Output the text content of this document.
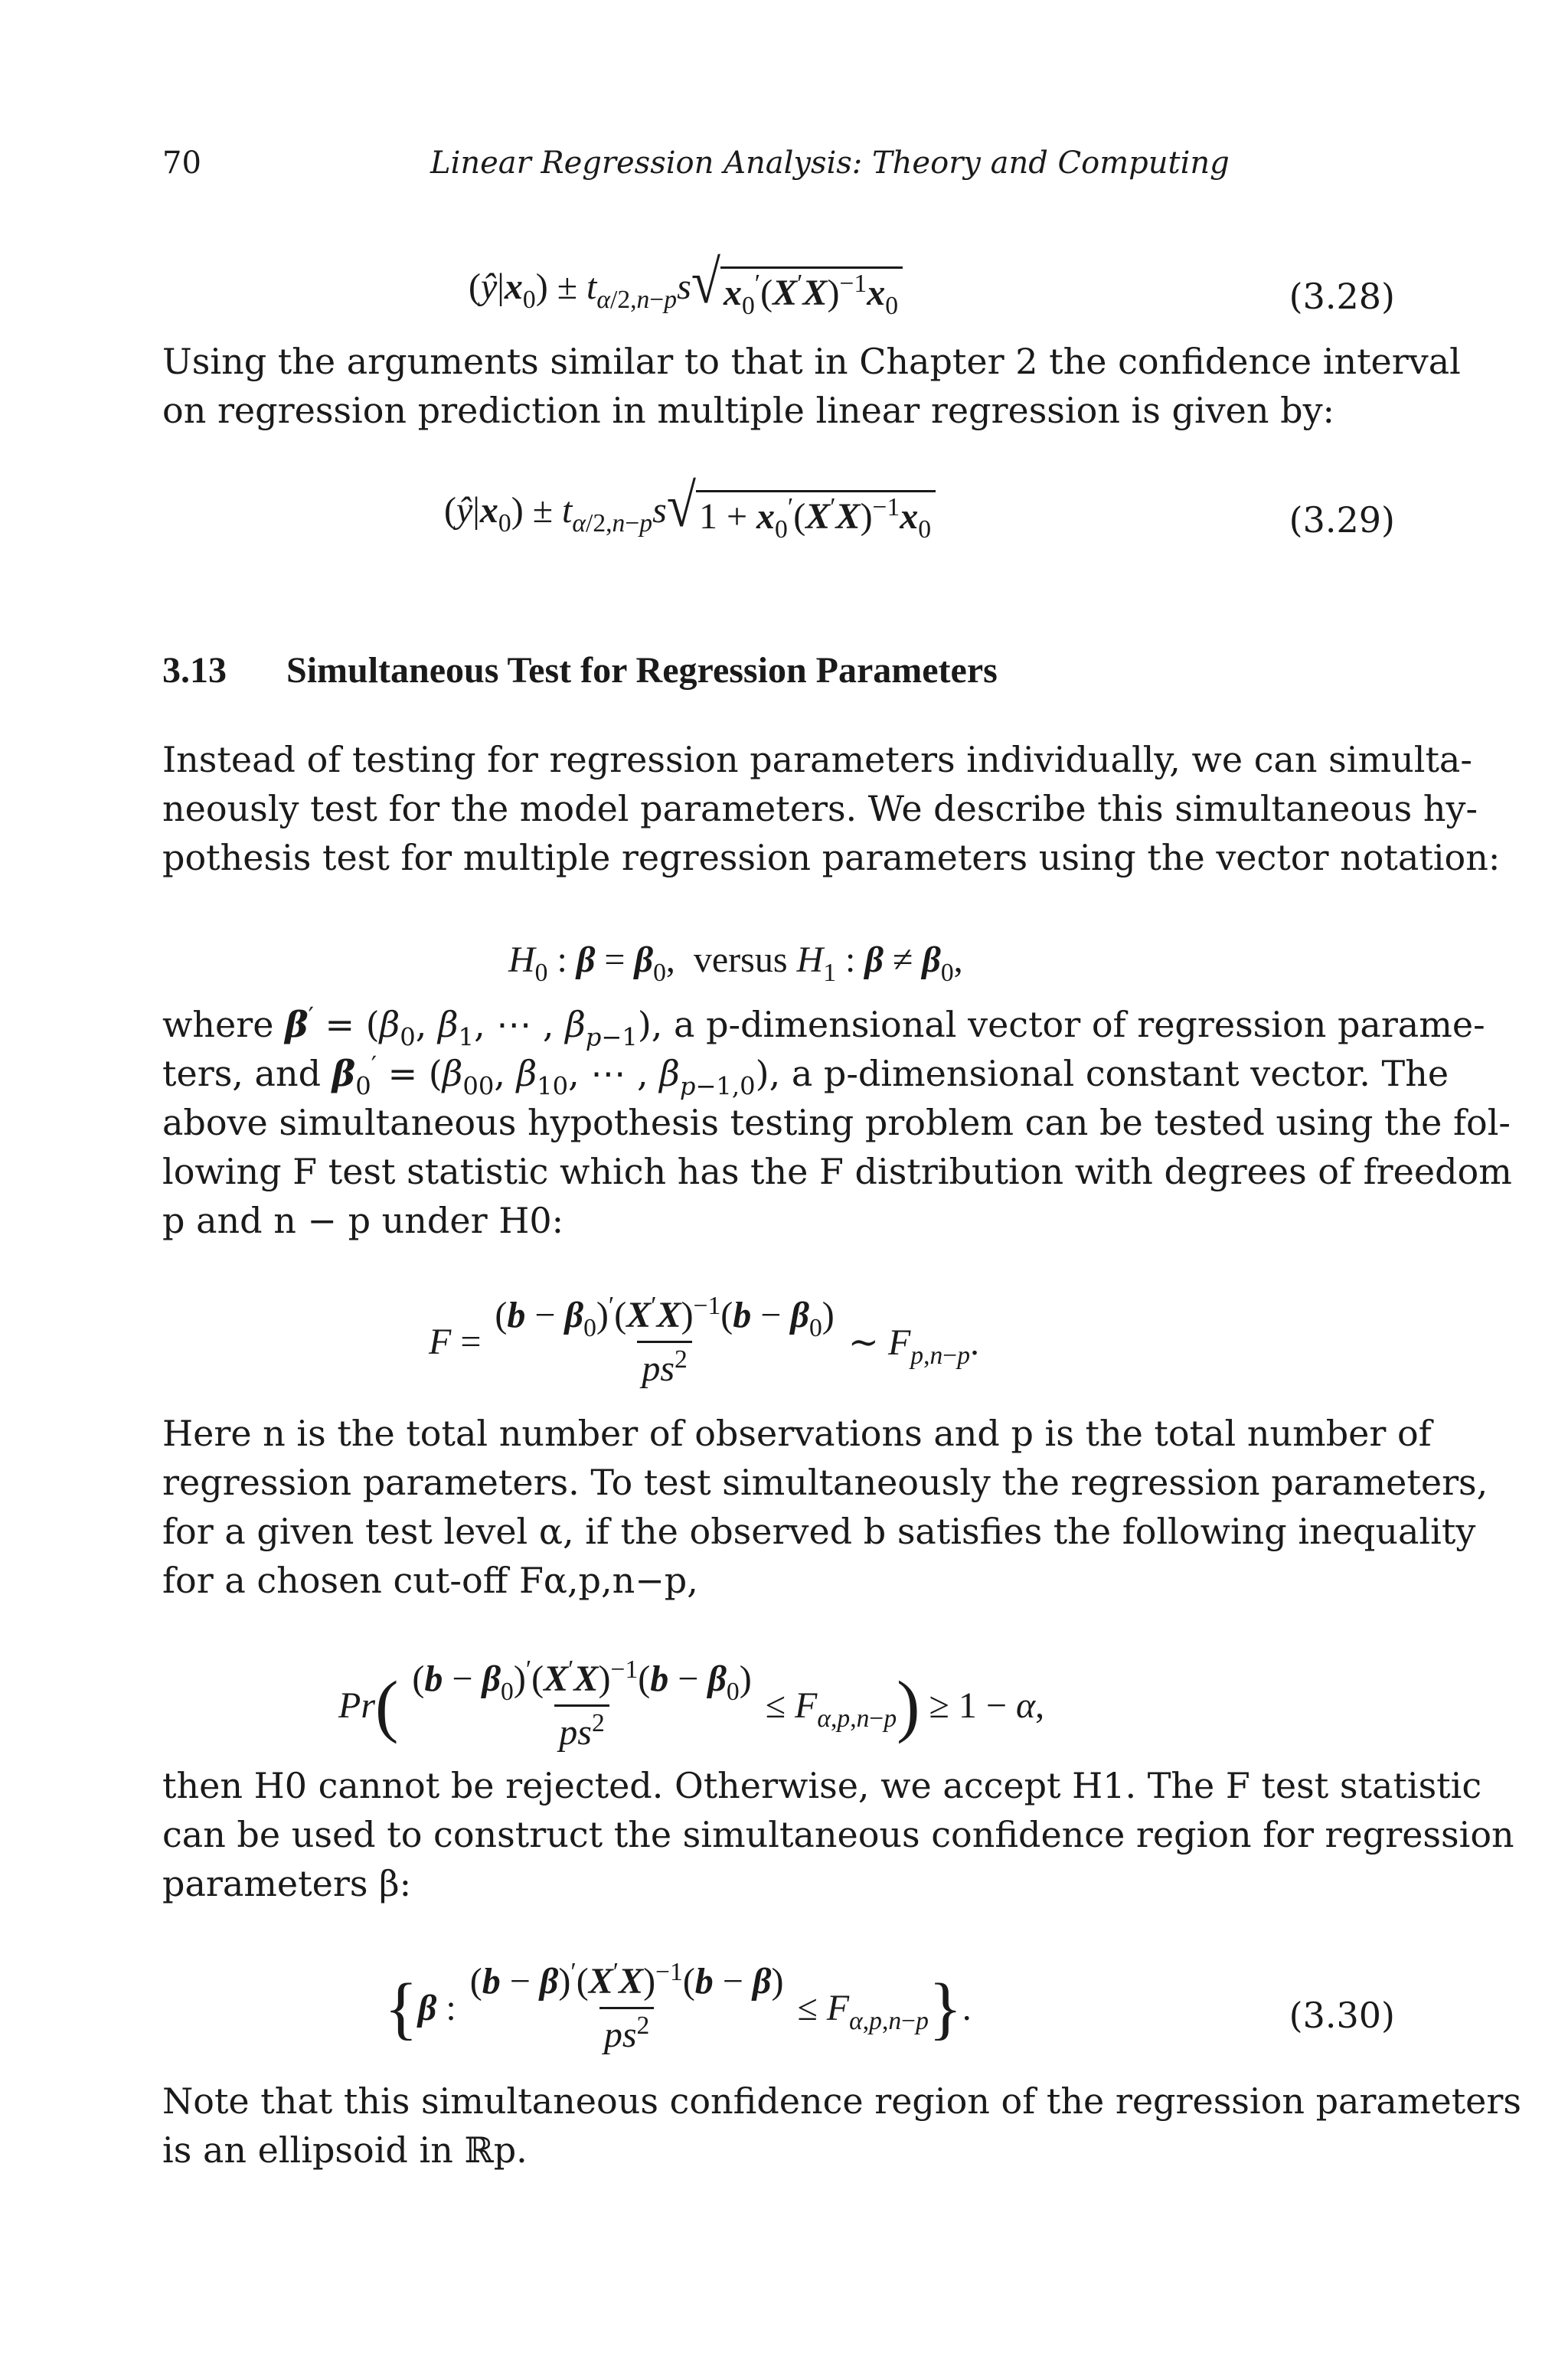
70	Linear Regression Analysis: Theory and Computing
$(ŷ|x_0) \pm t_{\alpha/2,n-p}s$ √ $x_0'(X'X)^{-1}x_0$	(3.28)
Using the arguments similar to that in Chapter 2 the confidence interval
on regression prediction in multiple linear regression is given by:
$(ŷ|x_0) \pm t_{\alpha/2,n-p}s$ √ $1 + x_0'(X'X)^{-1}x_0$	(3.29)
3.13 Simultaneous Test for Regression Parameters
Instead of testing for regression parameters individually, we can simulta-
neously test for the model parameters. We describe this simultaneous hy-
pothesis test for multiple regression parameters using the vector notation:
$H_0$ : $\beta = \beta_0$,  versus $H_1$ : $\beta \ne \beta_0$,
where $\beta' = (\beta_0$, $\beta_1$, ⋯ , $\beta_{p-1}$), a p-dimensional vector of regression parame-
ters, and $\beta_0' = (\beta_{00}$, $\beta_{10}$, ⋯ , $\beta_{p-1,0}$), a p-dimensional constant vector. The
above simultaneous hypothesis testing problem can be tested using the fol-
lowing F test statistic which has the F distribution with degrees of freedom
p and n − p under H0:
$F = \frac{(b - \beta_0)'(X'X)^{-1}(b - \beta_0)}{ps^2}$ ∼ $F_{p,n-p}$.
Here n is the total number of observations and p is the total number of
regression parameters. To test simultaneously the regression parameters,
for a given test level α, if the observed b satisfies the following inequality
for a chosen cut-off Fα,p,n−p,
Pr ( $\frac{(b - \beta_0)'(X'X)^{-1}(b - \beta_0)}{ps^2} \le F_{\alpha,p,n-p}$ ) ≥ 1 − α,
then H0 cannot be rejected. Otherwise, we accept H1. The F test statistic
can be used to construct the simultaneous confidence region for regression
parameters β:
{ β : $\frac{(b - \beta)'(X'X)^{-1}(b - \beta)}{ps^2} \le F_{\alpha,p,n-p}$ } .	(3.30)
Note that this simultaneous confidence region of the regression parameters
is an ellipsoid in ℝp.
